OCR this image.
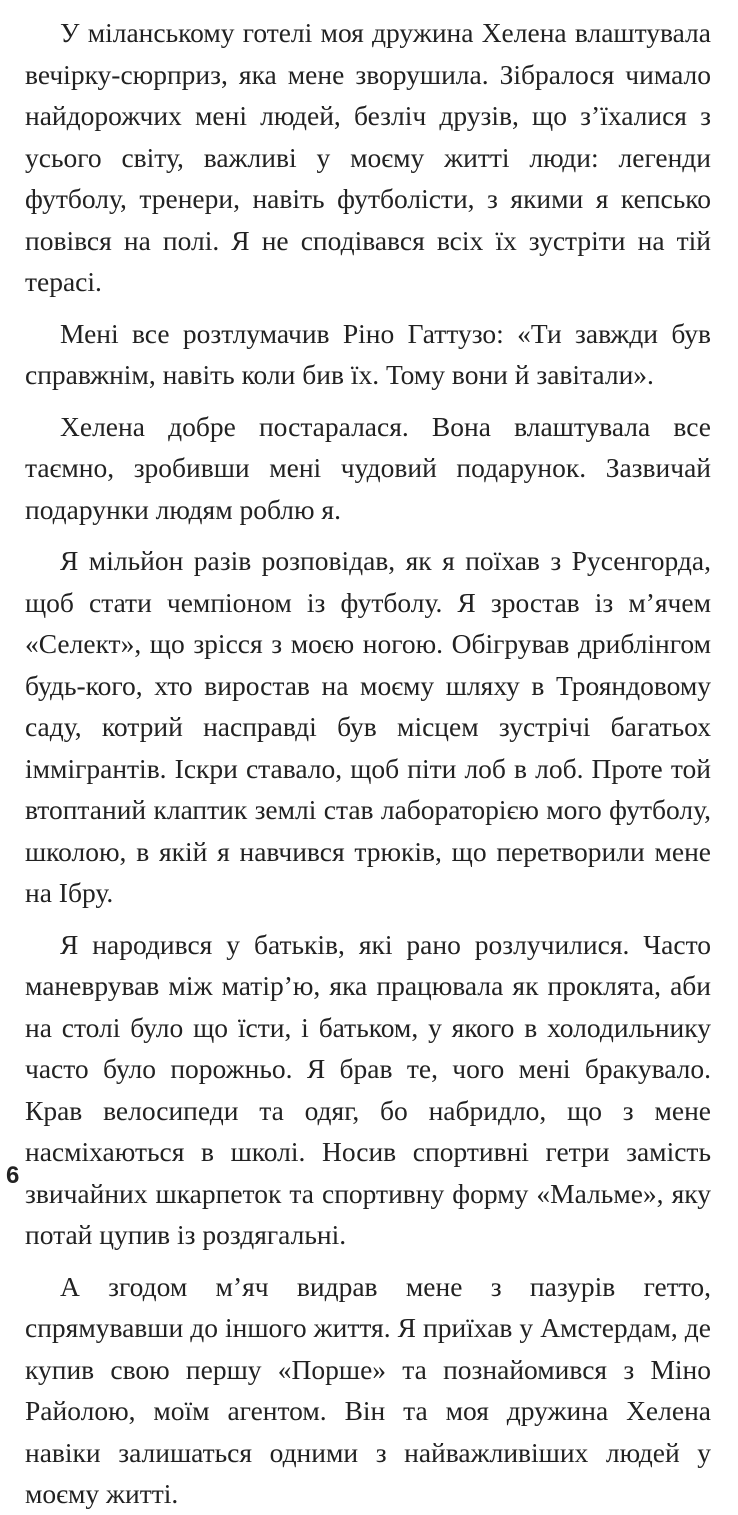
У міланському готелі моя дружина Хелена влаштувала вечірку-сюрприз, яка мене зворушила. Зібралося чимало найдорожчих мені людей, безліч друзів, що з’їхалися з усього світу, важливі у моєму житті люди: легенди футболу, тренери, навіть футболісти, з якими я кепсько повівся на полі. Я не сподівався всіх їх зустріти на тій терасі.

Мені все розтлумачив Ріно Гаттузо: «Ти завжди був справжнім, навіть коли бив їх. Тому вони й завітали».

Хелена добре постаралася. Вона влаштувала все таємно, зробивши мені чудовий подарунок. Зазвичай подарунки людям роблю я.

Я мільйон разів розповідав, як я поїхав з Русенгорда, щоб стати чемпіоном із футболу. Я зростав із м’ячем «Селект», що зрісся з моєю ногою. Обігрував дриблінгом будь-кого, хто виростав на моєму шляху в Трояндовому саду, котрий насправді був місцем зустрічі багатьох іммігрантів. Іскри ставало, щоб піти лоб в лоб. Проте той втоптаний клаптик землі став лабораторією мого футболу, школою, в якій я навчився трюків, що перетворили мене на Ібру.

Я народився у батьків, які рано розлучилися. Часто маневрував між матір’ю, яка працювала як проклята, аби на столі було що їсти, і батьком, у якого в холодильнику часто було порожньо. Я брав те, чого мені бракувало. Крав велосипеди та одяг, бо набридло, що з мене насміхаються в школі. Носив спортивні гетри замість звичайних шкарпеток та спортивну форму «Мальме», яку потай цупив із роздягальні.

А згодом м’яч видрав мене з пазурів гетто, спрямувавши до іншого життя. Я приїхав у Амстердам, де купив свою першу «Порше» та познайомився з Міно Райолою, моїм агентом. Він та моя дружина Хелена навіки залишаться одними з найважливіших людей у моєму житті.

6
